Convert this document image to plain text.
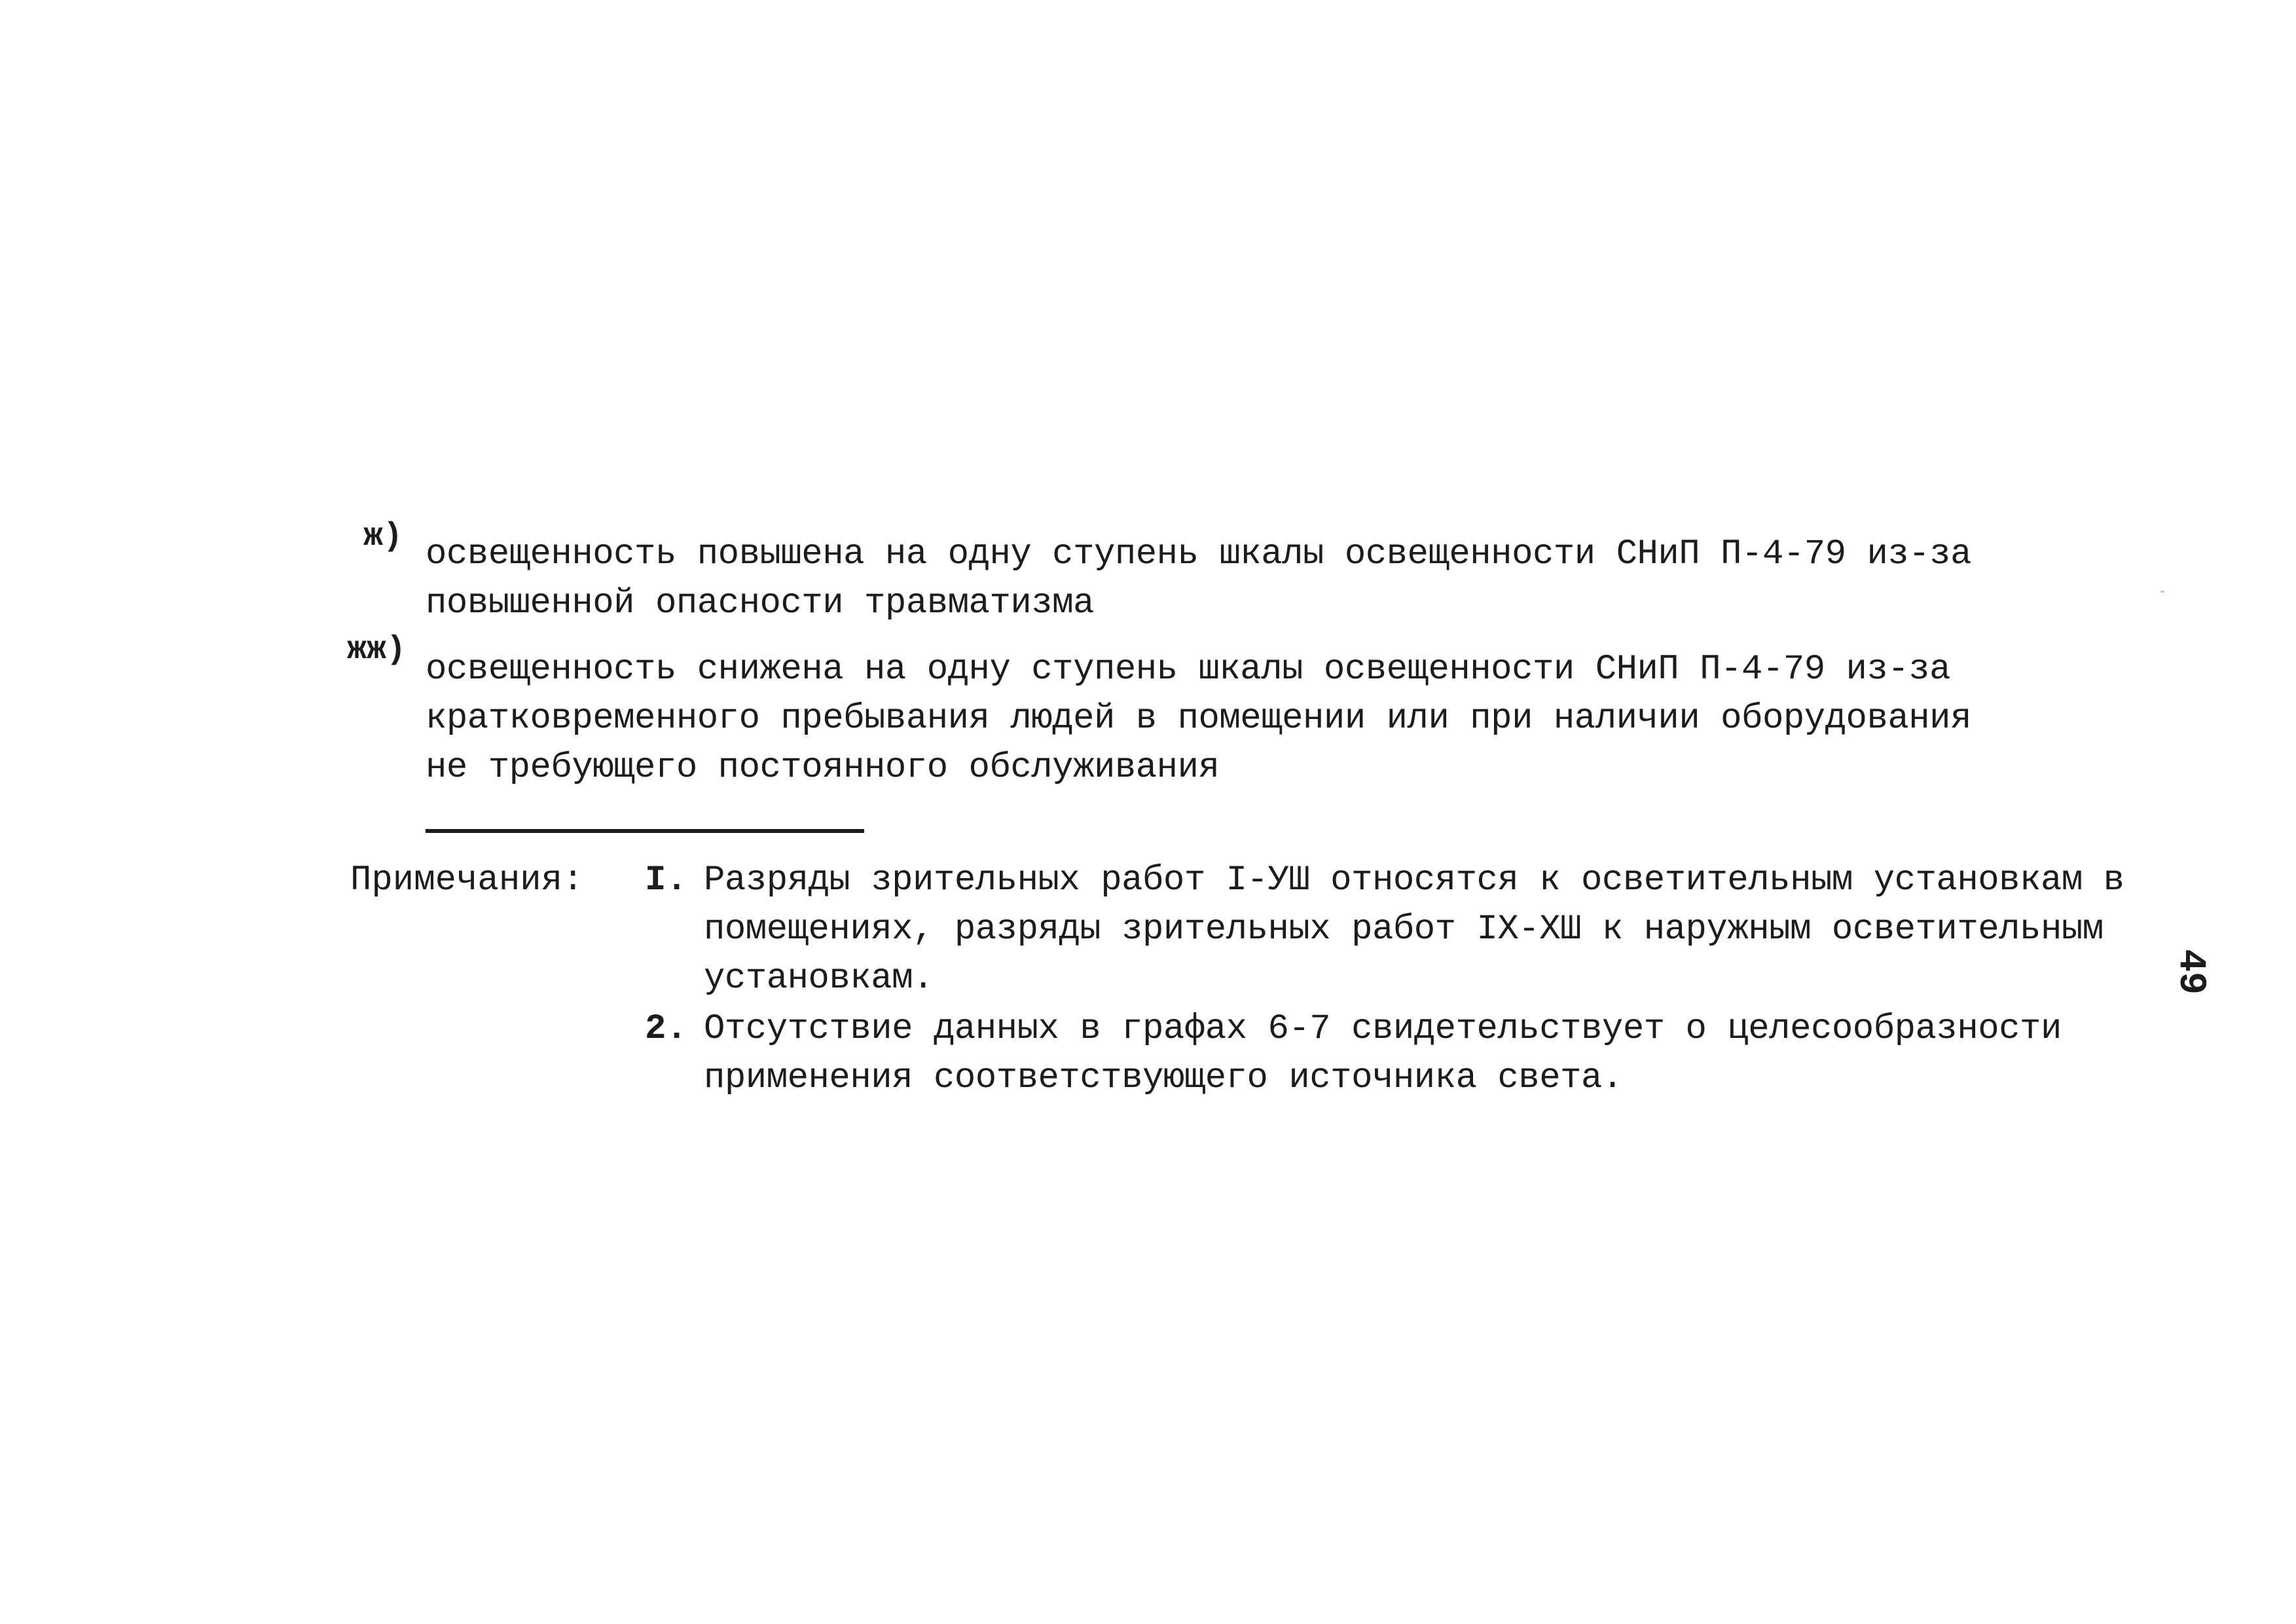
ж) освещенность повышена на одну ступень шкалы освещенности СНиП П-4-79 из-за
повышенной опасности травматизма
жж) освещенность снижена на одну ступень шкалы освещенности СНиП П-4-79 из-за
кратковременного пребывания людей в помещении или при наличии оборудования
не требующего постоянного обслуживания
Примечания: I. Разряды зрительных работ I-УШ относятся к осветительным установкам в
помещениях, разряды зрительных работ IX-ХШ к наружным осветительным
установкам.
2. Отсутствие данных в графах 6-7 свидетельствует о целесообразности
применения соответствующего источника света.
49
